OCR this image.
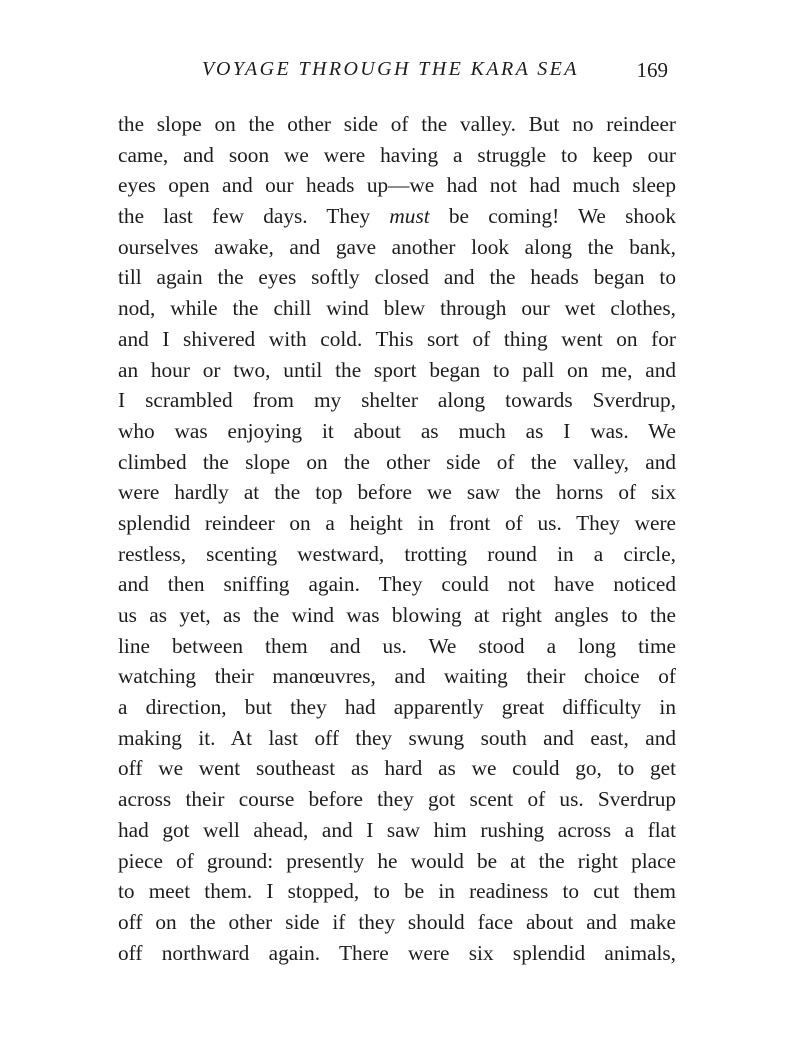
VOYAGE THROUGH THE KARA SEA	169
the slope on the other side of the valley. But no reindeer
came, and soon we were having a struggle to keep our
eyes open and our heads up—we had not had much sleep
the last few days. They must be coming! We shook
ourselves awake, and gave another look along the bank,
till again the eyes softly closed and the heads began to
nod, while the chill wind blew through our wet clothes,
and I shivered with cold. This sort of thing went on for
an hour or two, until the sport began to pall on me, and
I scrambled from my shelter along towards Sverdrup,
who was enjoying it about as much as I was. We
climbed the slope on the other side of the valley, and
were hardly at the top before we saw the horns of six
splendid reindeer on a height in front of us. They were
restless, scenting westward, trotting round in a circle,
and then sniffing again. They could not have noticed
us as yet, as the wind was blowing at right angles to the
line between them and us. We stood a long time
watching their manœuvres, and waiting their choice of
a direction, but they had apparently great difficulty in
making it. At last off they swung south and east, and
off we went southeast as hard as we could go, to get
across their course before they got scent of us. Sverdrup
had got well ahead, and I saw him rushing across a flat
piece of ground: presently he would be at the right place
to meet them. I stopped, to be in readiness to cut them
off on the other side if they should face about and make
off northward again. There were six splendid animals,
